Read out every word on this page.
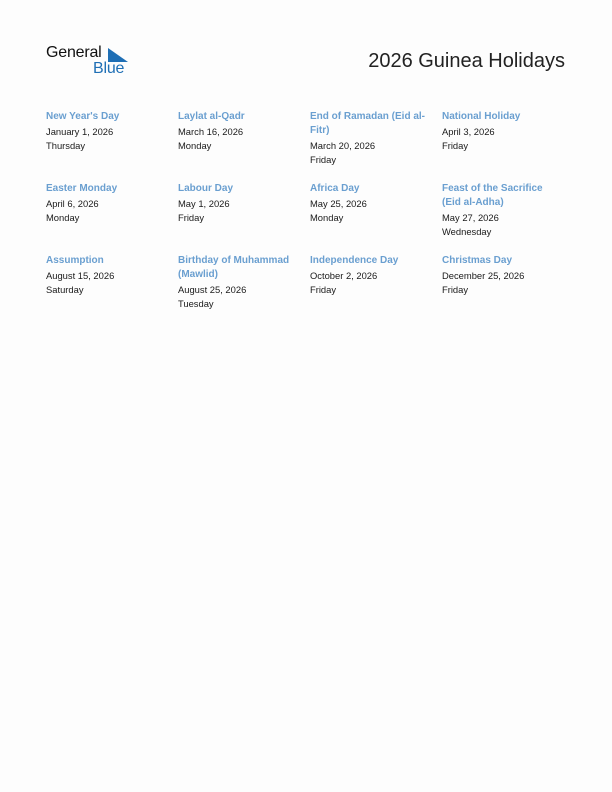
General
Blue	2026 Guinea Holidays
New Year's Day
January 1, 2026
Thursday
Laylat al-Qadr
March 16, 2026
Monday
End of Ramadan (Eid al-Fitr)
March 20, 2026
Friday
National Holiday
April 3, 2026
Friday
Easter Monday
April 6, 2026
Monday
Labour Day
May 1, 2026
Friday
Africa Day
May 25, 2026
Monday
Feast of the Sacrifice (Eid al-Adha)
May 27, 2026
Wednesday
Assumption
August 15, 2026
Saturday
Birthday of Muhammad (Mawlid)
August 25, 2026
Tuesday
Independence Day
October 2, 2026
Friday
Christmas Day
December 25, 2026
Friday
